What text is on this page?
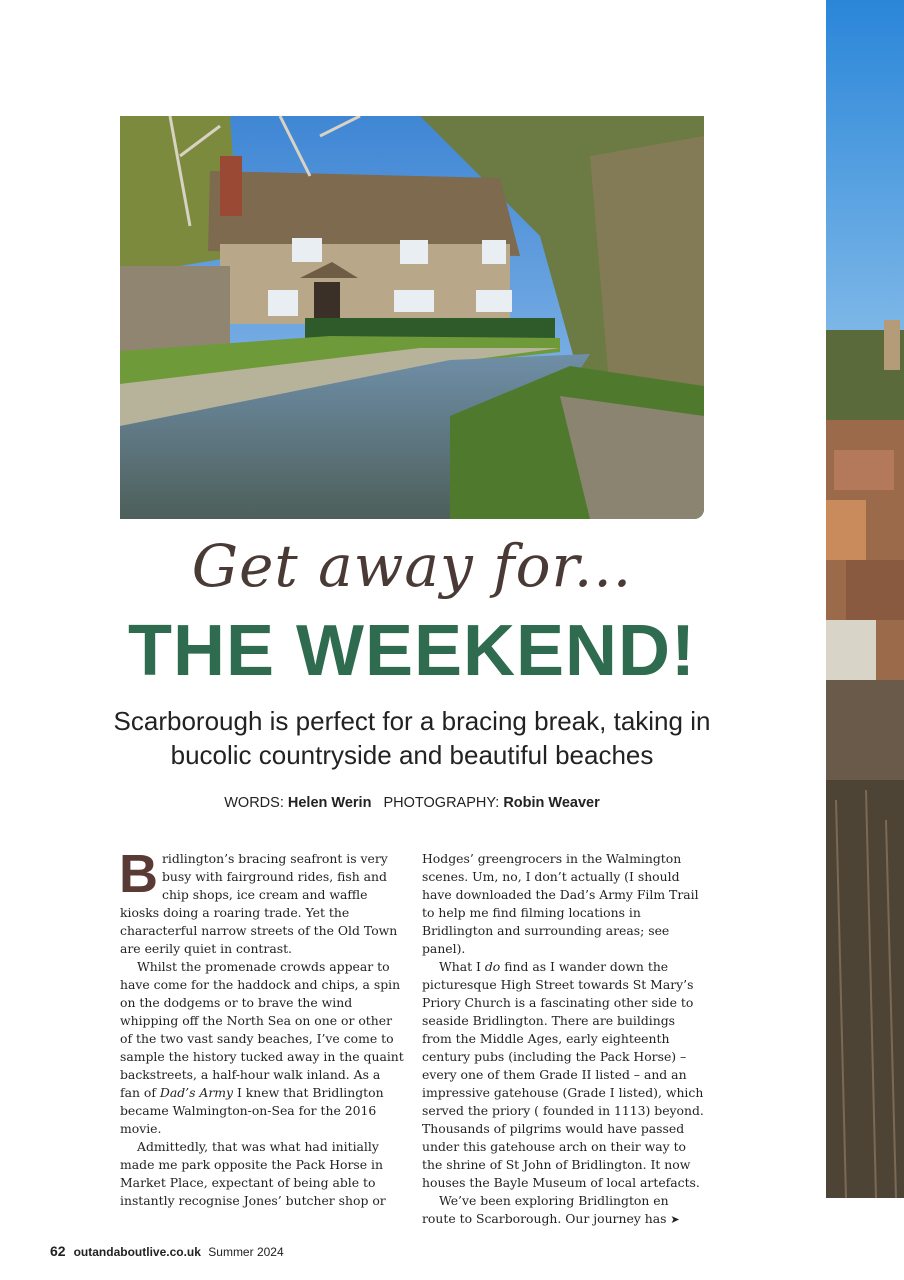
Get away for...
THE WEEKEND!
Scarborough is perfect for a bracing break, taking in bucolic countryside and beautiful beaches
WORDS: Helen Werin PHOTOGRAPHY: Robin Weaver

Bridlington’s bracing seafront is very busy with fairground rides, fish and chip shops, ice cream and waffle kiosks doing a roaring trade. Yet the characterful narrow streets of the Old Town are eerily quiet in contrast.

Whilst the promenade crowds appear to have come for the haddock and chips, a spin on the dodgems or to brave the wind whipping off the North Sea on one or other of the two vast sandy beaches, I’ve come to sample the history tucked away in the quaint backstreets, a half-hour walk inland. As a fan of Dad’s Army I knew that Bridlington became Walmington-on-Sea for the 2016 movie.

Admittedly, that was what had initially made me park opposite the Pack Horse in Market Place, expectant of being able to instantly recognise Jones’ butcher shop or

Hodges’ greengrocers in the Walmington scenes. Um, no, I don’t actually (I should have downloaded the Dad’s Army Film Trail to help me find filming locations in Bridlington and surrounding areas; see panel).

What I do find as I wander down the picturesque High Street towards St Mary’s Priory Church is a fascinating other side to seaside Bridlington. There are buildings from the Middle Ages, early eighteenth century pubs (including the Pack Horse) – every one of them Grade II listed – and an impressive gatehouse (Grade I listed), which served the priory ( founded in 1113) beyond. Thousands of pilgrims would have passed under this gatehouse arch on their way to the shrine of St John of Bridlington. It now houses the Bayle Museum of local artefacts.

We’ve been exploring Bridlington en route to Scarborough. Our journey has ➤

62 outandaboutlive.co.uk Summer 2024
